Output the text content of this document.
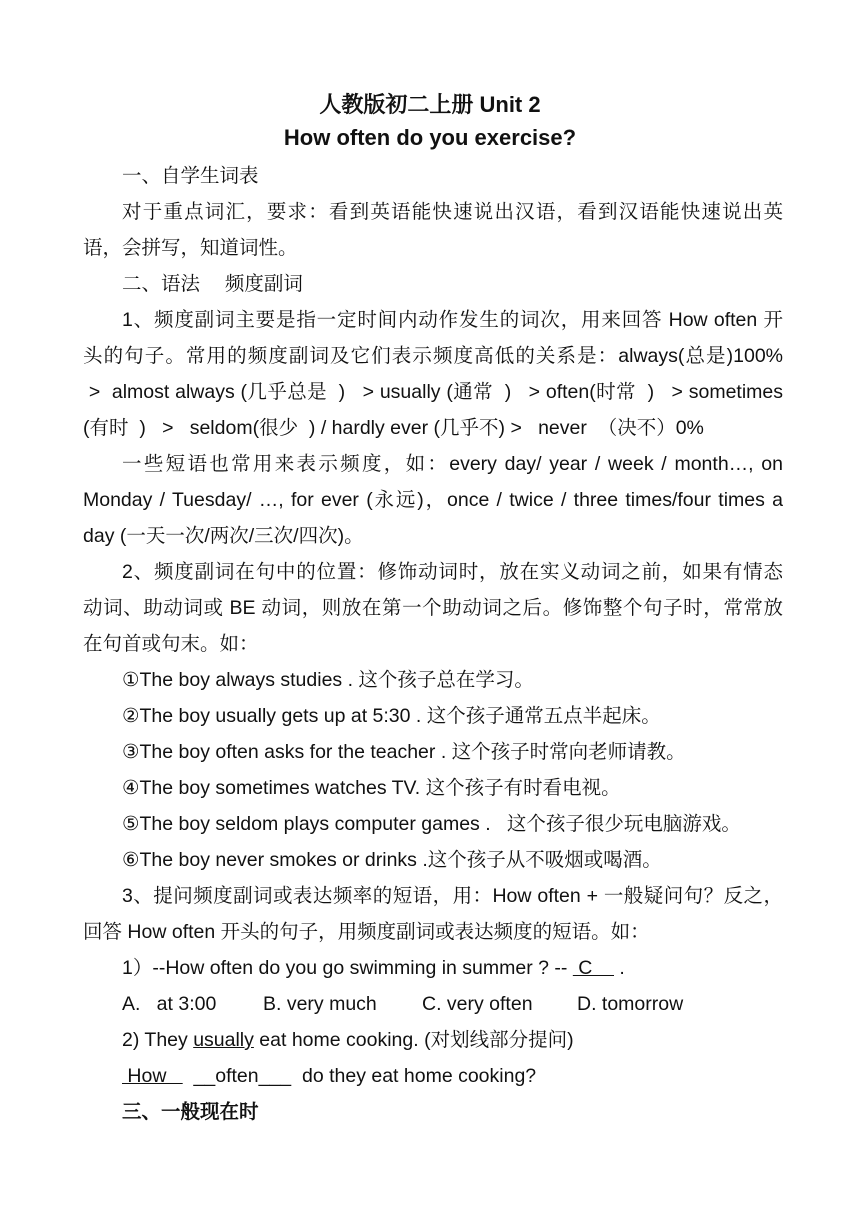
人教版初二上册 Unit 2
How often do you exercise?
一、自学生词表
对于重点词汇，要求：看到英语能快速说出汉语，看到汉语能快速说出英
语，会拼写，知道词性。
二、语法　 频度副词
1、频度副词主要是指一定时间内动作发生的词次，用来回答 How often 开
头的句子。常用的频度副词及它们表示频度高低的关系是：always(总是)100%
>  almost always (几乎总是  )   > usually (通常  )   > often(时常  )   > sometimes
(有时  )   >   seldom(很少  ) / hardly ever (几乎不) >   never  （决不）0%
一些短语也常用来表示频度，如：every day/ year / week / month…, on
Monday / Tuesday/ …, for ever (永远)，once / twice / three times/four times a
day (一天一次/两次/三次/四次)。
2、频度副词在句中的位置：修饰动词时，放在实义动词之前，如果有情态
动词、助动词或 BE 动词，则放在第一个助动词之后。修饰整个句子时，常常放
在句首或句末。如：
①The boy always studies . 这个孩子总在学习。
②The boy usually gets up at 5:30 . 这个孩子通常五点半起床。
③The boy often asks for the teacher . 这个孩子时常向老师请教。
④The boy sometimes watches TV. 这个孩子有时看电视。
⑤The boy seldom plays computer games .   这个孩子很少玩电脑游戏。
⑥The boy never smokes or drinks .这个孩子从不吸烟或喝酒。
3、提问频度副词或表达频率的短语，用：How often + 一般疑问句？反之，
回答 How often 开头的句子，用频度副词或表达频度的短语。如：
1）--How often do you go swimming in summer ? --  C     .
A.   at 3:00 B. very much C. very often D. tomorrow
2) They usually eat home cooking. (对划线部分提问)
How     __often___ do they eat home cooking?
三、一般现在时
